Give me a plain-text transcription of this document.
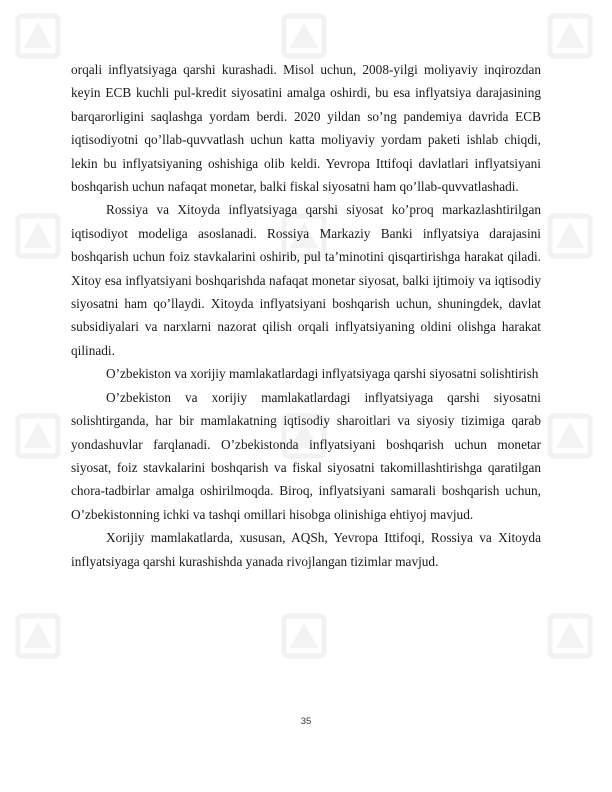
orqali inflyatsiyaga qarshi kurashadi. Misol uchun, 2008-yilgi moliyaviy inqirozdan keyin ECB kuchli pul-kredit siyosatini amalga oshirdi, bu esa inflyatsiya darajasining barqarorligini saqlashga yordam berdi. 2020 yildan so’ng pandemiya davrida ECB iqtisodiyotni qo’llab-quvvatlash uchun katta moliyaviy yordam paketi ishlab chiqdi, lekin bu inflyatsiyaning oshishiga olib keldi. Yevropa Ittifoqi davlatlari inflyatsiyani boshqarish uchun nafaqat monetar, balki fiskal siyosatni ham qo’llab-quvvatlashadi.

Rossiya va Xitoyda inflyatsiyaga qarshi siyosat ko’proq markazlashtirilgan iqtisodiyot modeliga asoslanadi. Rossiya Markaziy Banki inflyatsiya darajasini boshqarish uchun foiz stavkalarini oshirib, pul ta’minotini qisqartirishga harakat qiladi. Xitoy esa inflyatsiyani boshqarishda nafaqat monetar siyosat, balki ijtimoiy va iqtisodiy siyosatni ham qo’llaydi. Xitoyda inflyatsiyani boshqarish uchun, shuningdek, davlat subsidiyalari va narxlarni nazorat qilish orqali inflyatsiyaning oldini olishga harakat qilinadi.

O’zbekiston va xorijiy mamlakatlardagi inflyatsiyaga qarshi siyosatni solishtirish

O’zbekiston va xorijiy mamlakatlardagi inflyatsiyaga qarshi siyosatni solishtirganda, har bir mamlakatning iqtisodiy sharoitlari va siyosiy tizimiga qarab yondashuvlar farqlanadi. O’zbekistonda inflyatsiyani boshqarish uchun monetar siyosat, foiz stavkalarini boshqarish va fiskal siyosatni takomillashtirishga qaratilgan chora-tadbirlar amalga oshirilmoqda. Biroq, inflyatsiyani samarali boshqarish uchun, O’zbekistonning ichki va tashqi omillari hisobga olinishiga ehtiyoj mavjud.

Xorijiy mamlakatlarda, xususan, AQSh, Yevropa Ittifoqi, Rossiya va Xitoyda inflyatsiyaga qarshi kurashishda yanada rivojlangan tizimlar mavjud.

35
